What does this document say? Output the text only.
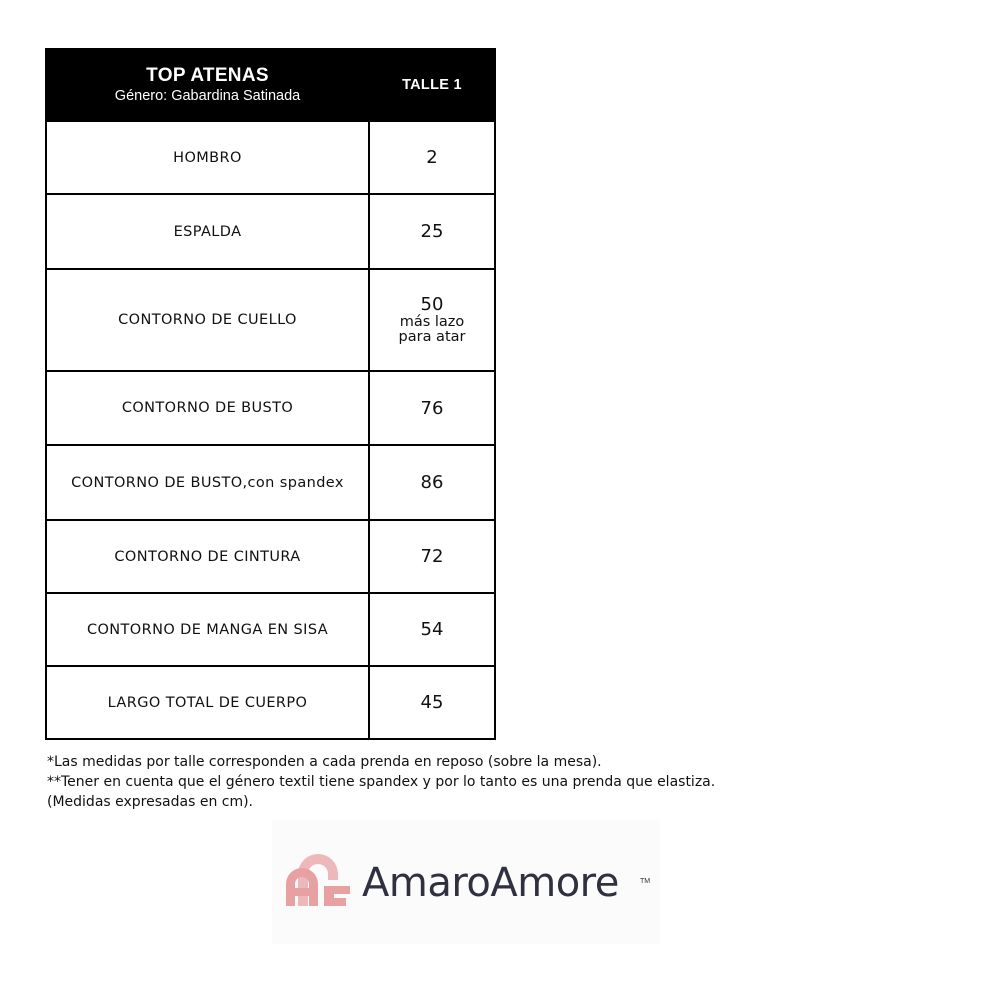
TOP ATENAS
Género: Gabardina Satinada	TALLE 1
HOMBRO	2
ESPALDA	25
CONTORNO DE CUELLO	50
más lazo
para atar

CONTORNO DE BUSTO	76
CONTORNO DE BUSTO,con spandex	86
CONTORNO DE CINTURA	72
CONTORNO DE MANGA EN SISA	54
LARGO TOTAL DE CUERPO	45
*Las medidas por talle corresponden a cada prenda en reposo (sobre la mesa).
**Tener en cuenta que el género textil tiene spandex y por lo tanto es una prenda que elastiza.
(Medidas expresadas en cm).
AmaroAmore	TM
